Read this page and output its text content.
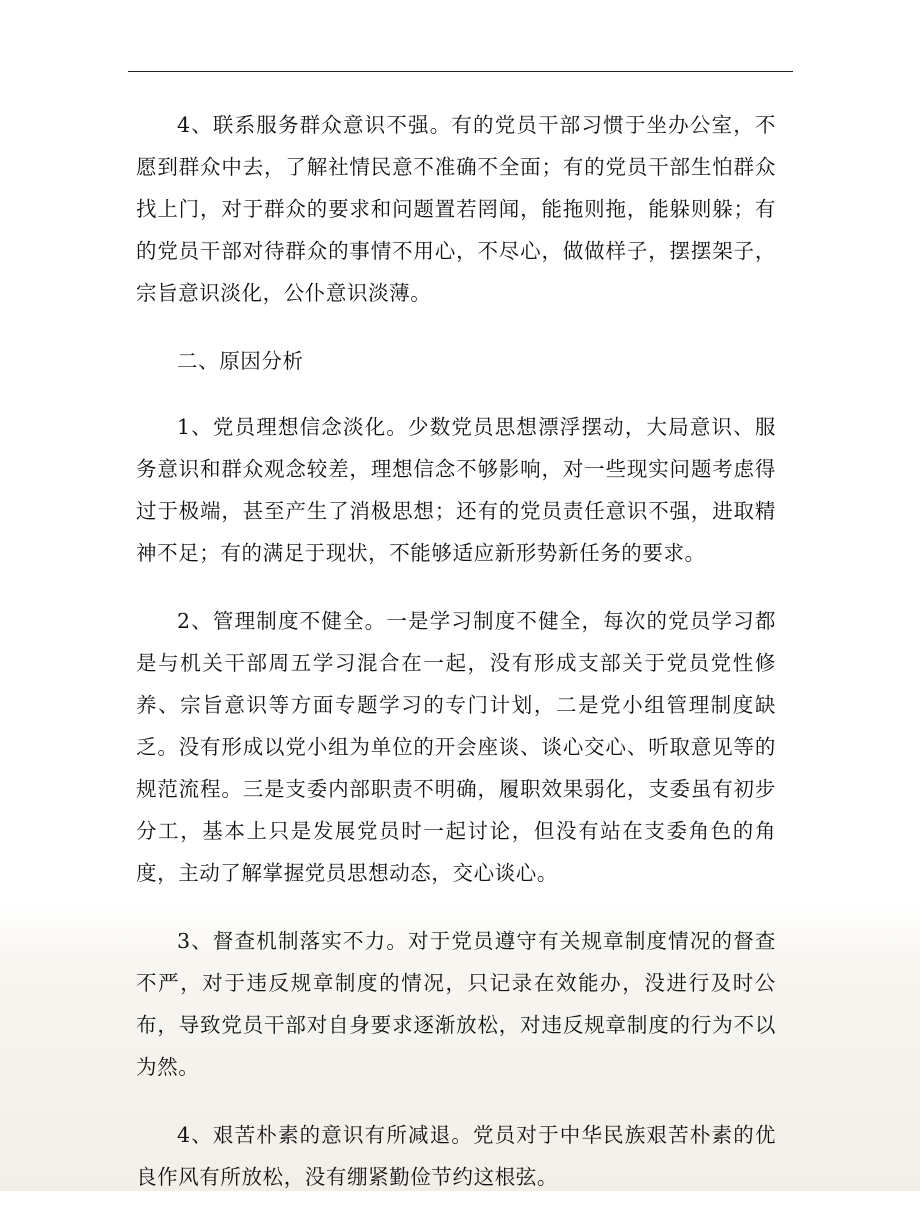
4、联系服务群众意识不强。有的党员干部习惯于坐办公室，不愿到群众中去，了解社情民意不准确不全面；有的党员干部生怕群众找上门，对于群众的要求和问题置若罔闻，能拖则拖，能躲则躲；有的党员干部对待群众的事情不用心，不尽心，做做样子，摆摆架子，宗旨意识淡化，公仆意识淡薄。

二、原因分析

1、党员理想信念淡化。少数党员思想漂浮摆动，大局意识、服务意识和群众观念较差，理想信念不够影响，对一些现实问题考虑得过于极端，甚至产生了消极思想；还有的党员责任意识不强，进取精神不足；有的满足于现状，不能够适应新形势新任务的要求。

2、管理制度不健全。一是学习制度不健全，每次的党员学习都是与机关干部周五学习混合在一起，没有形成支部关于党员党性修养、宗旨意识等方面专题学习的专门计划，二是党小组管理制度缺乏。没有形成以党小组为单位的开会座谈、谈心交心、听取意见等的规范流程。三是支委内部职责不明确，履职效果弱化，支委虽有初步分工，基本上只是发展党员时一起讨论，但没有站在支委角色的角度，主动了解掌握党员思想动态，交心谈心。

3、督查机制落实不力。对于党员遵守有关规章制度情况的督查不严，对于违反规章制度的情况，只记录在效能办，没进行及时公布，导致党员干部对自身要求逐渐放松，对违反规章制度的行为不以为然。

4、艰苦朴素的意识有所减退。党员对于中华民族艰苦朴素的优良作风有所放松，没有绷紧勤俭节约这根弦。
